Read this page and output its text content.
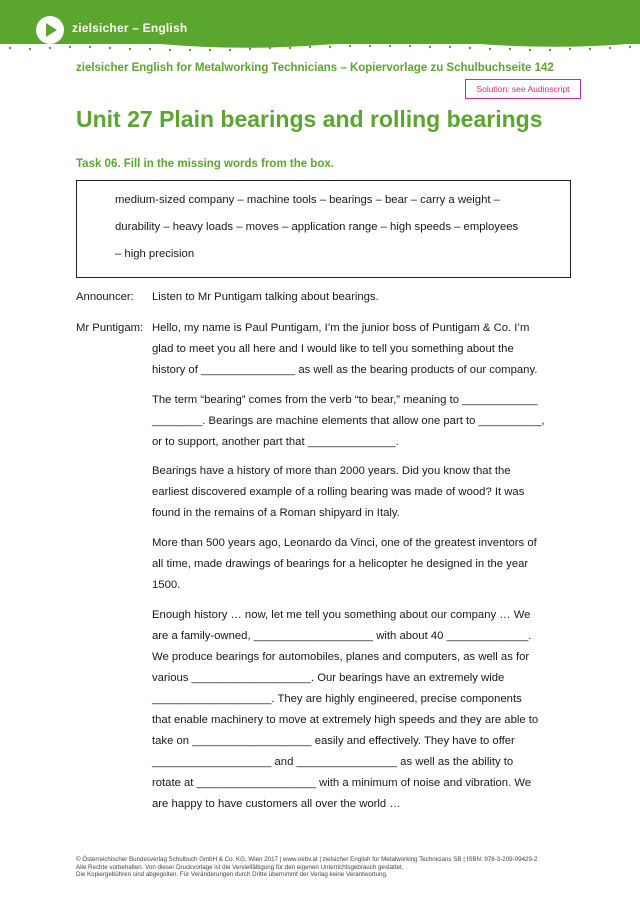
zielsicher – English
zielsicher English for Metalworking Technicians – Kopiervorlage zu Schulbuchseite 142
Solution: see Audioscript
Unit 27 Plain bearings and rolling bearings
Task 06. Fill in the missing words from the box.
medium-sized company – machine tools – bearings – bear – carry a weight –
durability – heavy loads – moves – application range – high speeds – employees
– high precision
Announcer: Listen to Mr Puntigam talking about bearings.

Mr Puntigam: Hello, my name is Paul Puntigam, I’m the junior boss of Puntigam & Co. I’m

glad to meet you all here and I would like to tell you something about the

history of _______________ as well as the bearing products of our company.

The term “bearing” comes from the verb “to bear,” meaning to ____________

________. Bearings are machine elements that allow one part to __________,

or to support, another part that ______________.

Bearings have a history of more than 2000 years. Did you know that the

earliest discovered example of a rolling bearing was made of wood? It was

found in the remains of a Roman shipyard in Italy.

More than 500 years ago, Leonardo da Vinci, one of the greatest inventors of

all time, made drawings of bearings for a helicopter he designed in the year

1500.

Enough history … now, let me tell you something about our company … We

are a family-owned, ___________________ with about 40 _____________.

We produce bearings for automobiles, planes and computers, as well as for

various ___________________. Our bearings have an extremely wide

___________________. They are highly engineered, precise components

that enable machinery to move at extremely high speeds and they are able to

take on ___________________ easily and effectively. They have to offer

___________________ and ________________ as well as the ability to

rotate at ___________________ with a minimum of noise and vibration. We

are happy to have customers all over the world …

© Österreichischer Bundesverlag Schulbuch GmbH & Co. KG, Wien 2017 | www.oebv.at | zielsicher English for Metalworking Technicians SB | ISBN: 978-3-209-09429-2
Alle Rechte vorbehalten. Von dieser Druckvorlage ist die Vervielfältigung für den eigenen Unterrichtsgebrauch gestattet.
Die Kopiergebühren sind abgegolten. Für Veränderungen durch Dritte übernimmt der Verlag keine Verantwortung.
